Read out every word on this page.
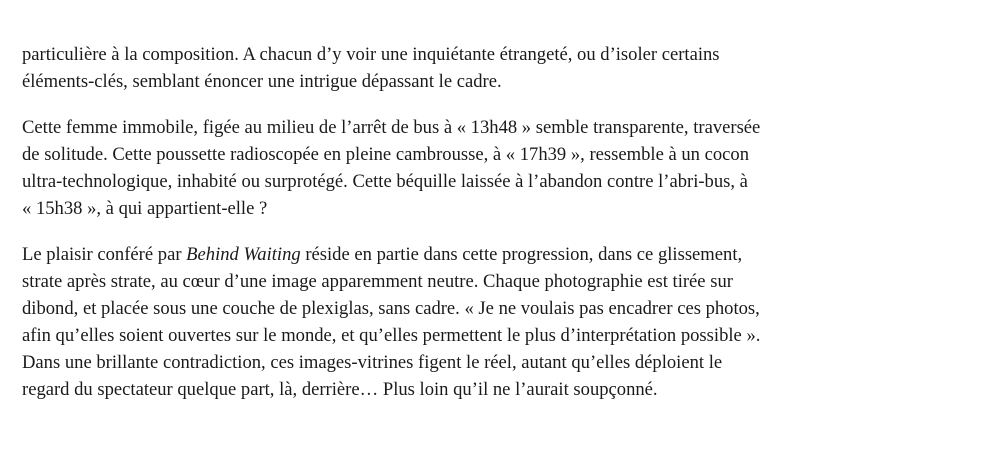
particulière à la composition. A chacun d’y voir une inquiétante étrangeté, ou d’isoler certains
éléments-clés, semblant énoncer une intrigue dépassant le cadre.

Cette femme immobile, figée au milieu de l’arrêt de bus à « 13h48 » semble transparente, traversée
de solitude. Cette poussette radioscopée en pleine cambrousse, à « 17h39 », ressemble à un cocon
ultra-technologique, inhabité ou surprotégé. Cette béquille laissée à l’abandon contre l’abri-bus, à
« 15h38 », à qui appartient-elle ?

Le plaisir conféré par Behind Waiting réside en partie dans cette progression, dans ce glissement,
strate après strate, au cœur d’une image apparemment neutre. Chaque photographie est tirée sur
dibond, et placée sous une couche de plexiglas, sans cadre. « Je ne voulais pas encadrer ces photos,
afin qu’elles soient ouvertes sur le monde, et qu’elles permettent le plus d’interprétation possible ».
Dans une brillante contradiction, ces images-vitrines figent le réel, autant qu’elles déploient le
regard du spectateur quelque part, là, derrière… Plus loin qu’il ne l’aurait soupçonné.
